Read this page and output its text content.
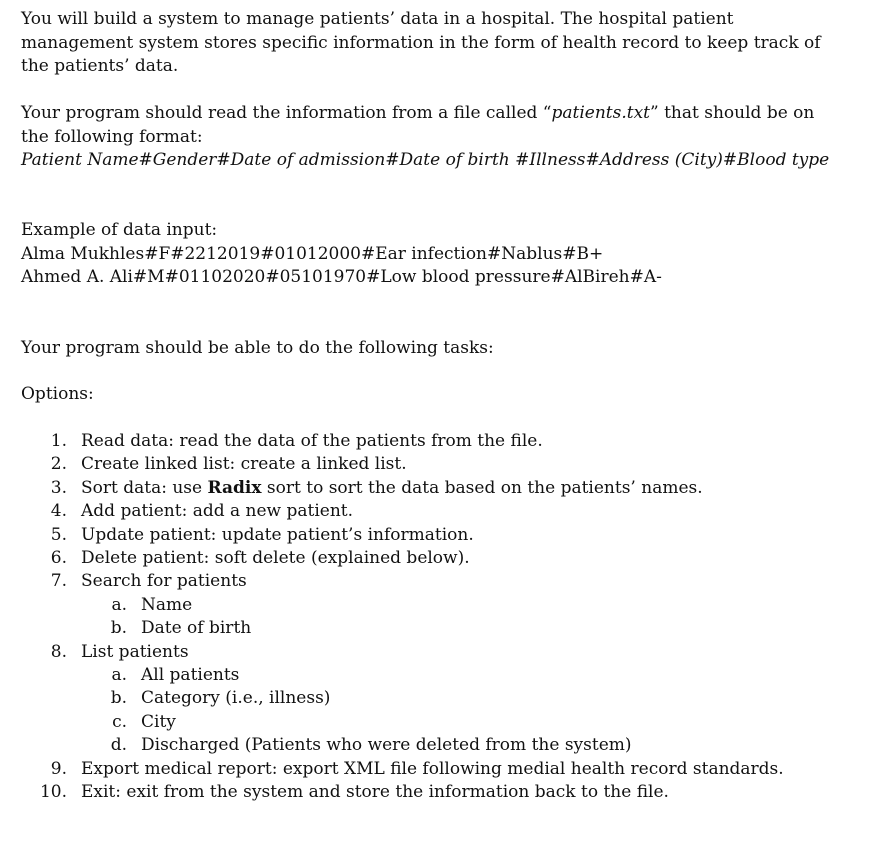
You will build a system to manage patients’ data in a hospital. The hospital patient
management system stores specific information in the form of health record to keep track of
the patients’ data.
Your program should read the information from a file called “patients.txt” that should be on
the following format:
Patient Name#Gender#Date of admission#Date of birth #Illness#Address (City)#Blood type
Example of data input:
Alma Mukhles#F#2212019#01012000#Ear infection#Nablus#B+
Ahmed A. Ali#M#01102020#05101970#Low blood pressure#AlBireh#A-
Your program should be able to do the following tasks:
Options:
1. Read data: read the data of the patients from the file.
2. Create linked list: create a linked list.
3. Sort data: use Radix sort to sort the data based on the patients’ names.
4. Add patient: add a new patient.
5. Update patient: update patient’s information.
6. Delete patient: soft delete (explained below).
7. Search for patients
a. Name
b. Date of birth
8. List patients
a. All patients
b. Category (i.e., illness)
c. City
d. Discharged (Patients who were deleted from the system)
9. Export medical report: export XML file following medial health record standards.
10. Exit: exit from the system and store the information back to the file.
